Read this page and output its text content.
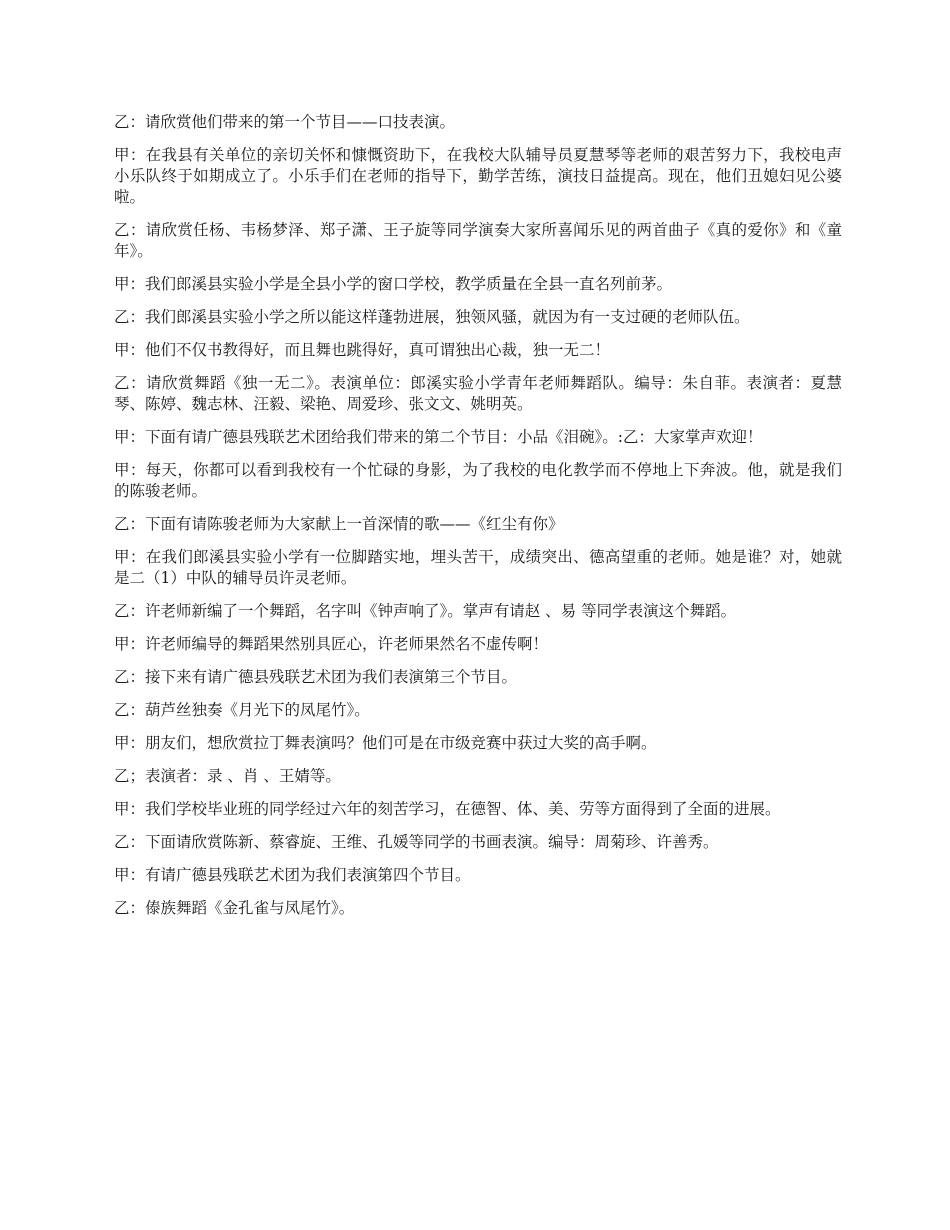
乙：请欣赏他们带来的第一个节目——口技表演。

甲：在我县有关单位的亲切关怀和慷慨资助下，在我校大队辅导员夏慧琴等老师的艰苦努力下，我校电声小乐队终于如期成立了。小乐手们在老师的指导下，勤学苦练，演技日益提高。现在，他们丑媳妇见公婆啦。

乙：请欣赏任杨、韦杨梦泽、郑子潇、王子旋等同学演奏大家所喜闻乐见的两首曲子《真的爱你》和《童年》。

甲：我们郎溪县实验小学是全县小学的窗口学校，教学质量在全县一直名列前茅。

乙：我们郎溪县实验小学之所以能这样蓬勃进展，独领风骚，就因为有一支过硬的老师队伍。

甲：他们不仅书教得好，而且舞也跳得好，真可谓独出心裁，独一无二！

乙：请欣赏舞蹈《独一无二》。表演单位：郎溪实验小学青年老师舞蹈队。编导：朱自菲。表演者：夏慧琴、陈婷、魏志林、汪毅、梁艳、周爱珍、张文文、姚明英。

甲：下面有请广德县残联艺术团给我们带来的第二个节目：小品《泪碗》。:乙：大家掌声欢迎！

甲：每天，你都可以看到我校有一个忙碌的身影，为了我校的电化教学而不停地上下奔波。他，就是我们的陈骏老师。

乙：下面有请陈骏老师为大家献上一首深情的歌——《红尘有你》

甲：在我们郎溪县实验小学有一位脚踏实地，埋头苦干，成绩突出、德高望重的老师。她是谁？对，她就是二（1）中队的辅导员许灵老师。

乙：许老师新编了一个舞蹈，名字叫《钟声响了》。掌声有请赵 、易 等同学表演这个舞蹈。

甲：许老师编导的舞蹈果然别具匠心，许老师果然名不虚传啊！

乙：接下来有请广德县残联艺术团为我们表演第三个节目。

乙：葫芦丝独奏《月光下的凤尾竹》。

甲：朋友们，想欣赏拉丁舞表演吗？他们可是在市级竞赛中获过大奖的高手啊。

乙；表演者：录 、肖 、王婧等。

甲：我们学校毕业班的同学经过六年的刻苦学习，在德智、体、美、劳等方面得到了全面的进展。

乙：下面请欣赏陈新、蔡睿旋、王维、孔媛等同学的书画表演。编导：周菊珍、许善秀。

甲：有请广德县残联艺术团为我们表演第四个节目。

乙：傣族舞蹈《金孔雀与凤尾竹》。
